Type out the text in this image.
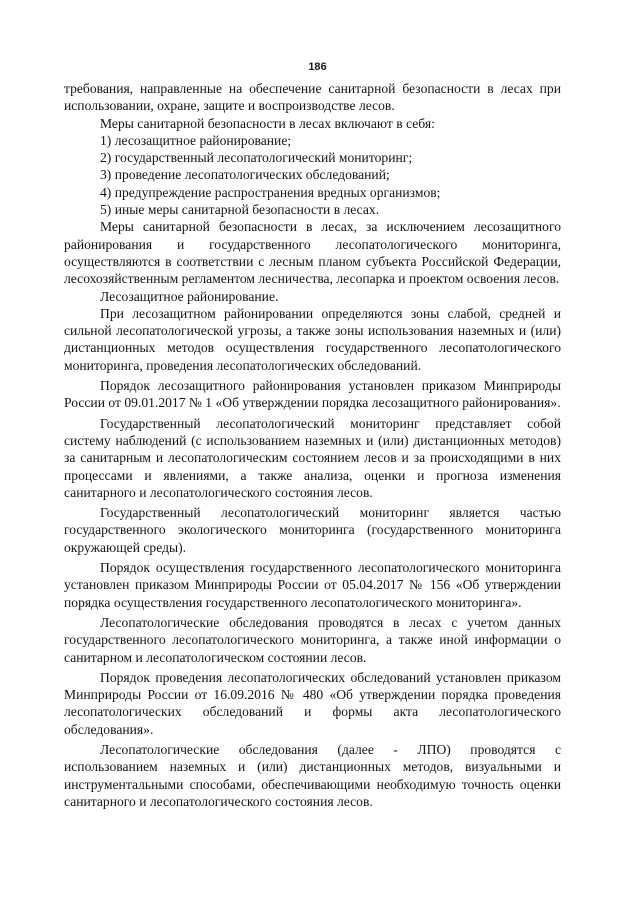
186

требования, направленные на обеспечение санитарной безопасности в лесах при использовании, охране, защите и воспроизводстве лесов.

Меры санитарной безопасности в лесах включают в себя:

1) лесозащитное районирование;
2) государственный лесопатологический мониторинг;
3) проведение лесопатологических обследований;
4) предупреждение распространения вредных организмов;
5) иные меры санитарной безопасности в лесах.

Меры санитарной безопасности в лесах, за исключением лесозащитного районирования и государственного лесопатологического мониторинга, осуществляются в соответствии с лесным планом субъекта Российской Федерации, лесохозяйственным регламентом лесничества, лесопарка и проектом освоения лесов.

Лесозащитное районирование.

При лесозащитном районировании определяются зоны слабой, средней и сильной лесопатологической угрозы, а также зоны использования наземных и (или) дистанционных методов осуществления государственного лесопатологического мониторинга, проведения лесопатологических обследований.

Порядок лесозащитного районирования установлен приказом Минприроды России от 09.01.2017 № 1 «Об утверждении порядка лесозащитного районирования».

Государственный лесопатологический мониторинг представляет собой систему наблюдений (с использованием наземных и (или) дистанционных методов) за санитарным и лесопатологическим состоянием лесов и за происходящими в них процессами и явлениями, а также анализа, оценки и прогноза изменения санитарного и лесопатологического состояния лесов.

Государственный лесопатологический мониторинг является частью государственного экологического мониторинга (государственного мониторинга окружающей среды).

Порядок осуществления государственного лесопатологического мониторинга установлен приказом Минприроды России от 05.04.2017 № 156 «Об утверждении порядка осуществления государственного лесопатологического мониторинга».

Лесопатологические обследования проводятся в лесах с учетом данных государственного лесопатологического мониторинга, а также иной информации о санитарном и лесопатологическом состоянии лесов.

Порядок проведения лесопатологических обследований установлен приказом Минприроды России от 16.09.2016 № 480 «Об утверждении порядка проведения лесопатологических обследований и формы акта лесопатологического обследования».

Лесопатологические обследования (далее - ЛПО) проводятся с использованием наземных и (или) дистанционных методов, визуальными и инструментальными способами, обеспечивающими необходимую точность оценки санитарного и лесопатологического состояния лесов.
